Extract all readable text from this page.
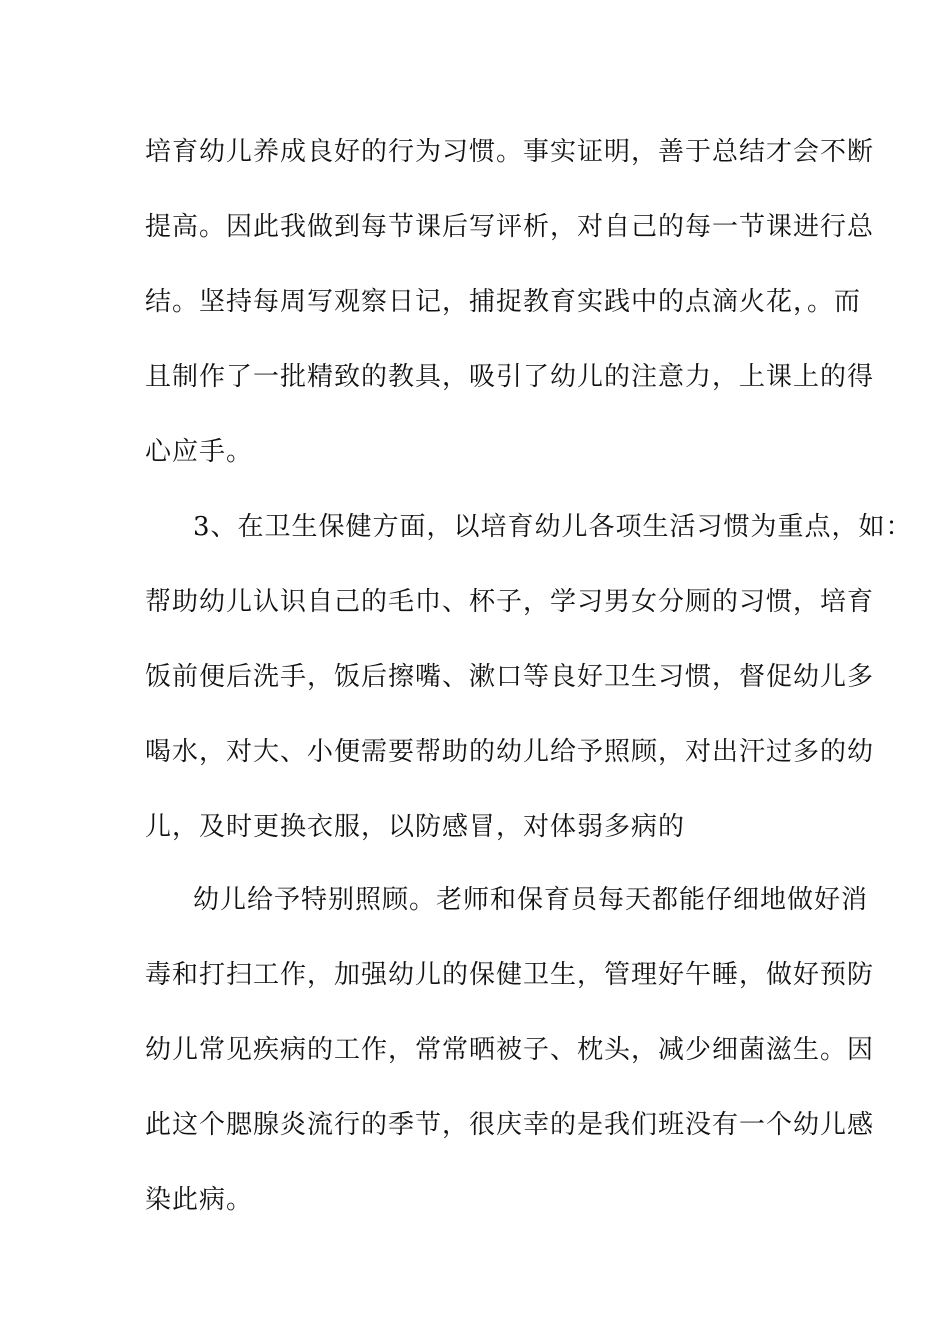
培育幼儿养成良好的行为习惯。事实证明，善于总结才会不断
提高。因此我做到每节课后写评析，对自己的每一节课进行总
结。坚持每周写观察日记，捕捉教育实践中的点滴火花，。而
且制作了一批精致的教具，吸引了幼儿的注意力，上课上的得
心应手。
3、在卫生保健方面，以培育幼儿各项生活习惯为重点，如：
帮助幼儿认识自己的毛巾、杯子，学习男女分厕的习惯，培育
饭前便后洗手，饭后擦嘴、漱口等良好卫生习惯，督促幼儿多
喝水，对大、小便需要帮助的幼儿给予照顾，对出汗过多的幼
儿，及时更换衣服，以防感冒，对体弱多病的
幼儿给予特别照顾。老师和保育员每天都能仔细地做好消
毒和打扫工作，加强幼儿的保健卫生，管理好午睡，做好预防
幼儿常见疾病的工作，常常晒被子、枕头，减少细菌滋生。因
此这个腮腺炎流行的季节，很庆幸的是我们班没有一个幼儿感
染此病。
